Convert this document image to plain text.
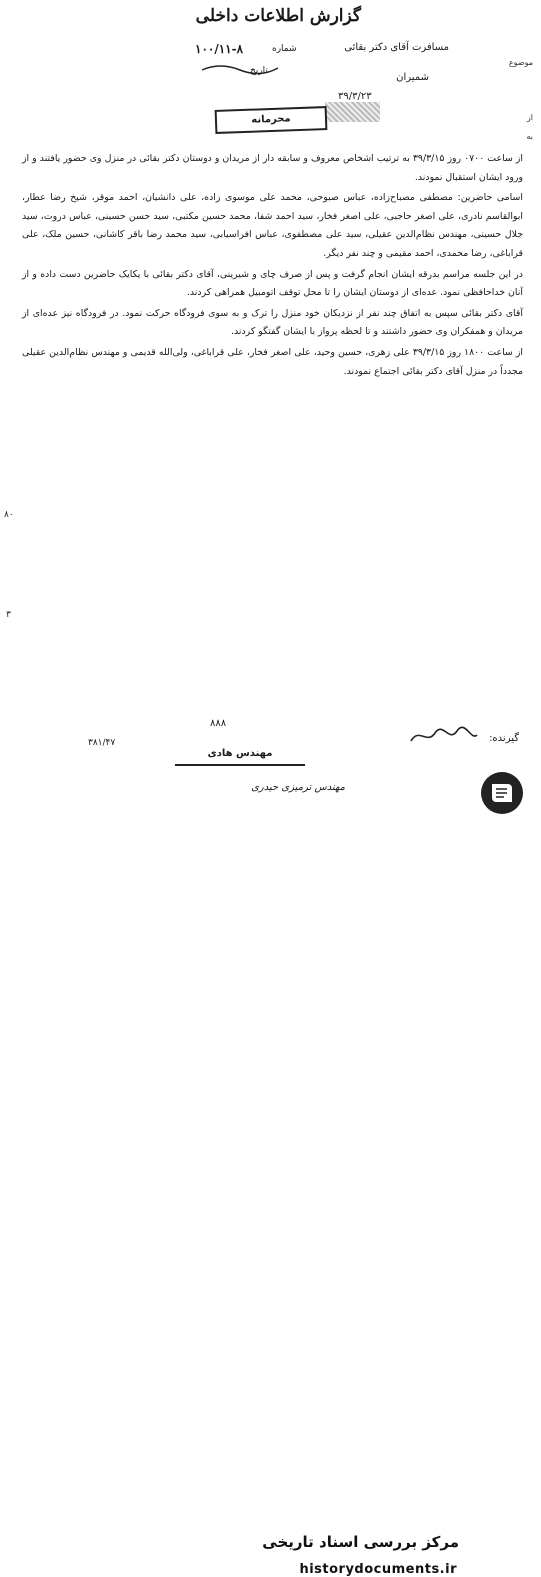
گزارش اطلاعات داخلی
شماره
۱۰۰/۱۱-۸
تاریخ
موضوع
از
به
مسافرت آقای دکتر بقائی
شمیران
۳۹/۳/۲۳
محرمانه

از ساعت ۰۷۰۰ روز ۳۹/۳/۱۵ به ترتیب اشخاص معروف و سابقه دار از مریدان و دوستان دکتر بقائی در منزل وی حضور یافتند و از ورود ایشان استقبال نمودند.

اسامی حاضرین: مصطفی مصباح‌زاده، عباس صبوحی، محمد علی موسوی زاده، علی دانشیان، احمد موقر، شیخ رضا عطار، ابوالقاسم نادری، علی اصغر حاجبی، علی اصغر فخار، سید احمد شفا، محمد حسین مکتبی، سید حسن حسینی، عباس دروت، سید جلال حسینی، مهندس نظام‌الدین عقیلی، سید علی مصطفوی، عباس افراسیابی، سید محمد رضا باقر کاشانی، حسین ملک، علی قراباغی، رضا محمدی، احمد مقیمی و چند نفر دیگر.

در این جلسه مراسم بدرقه ایشان انجام گرفت و پس از صرف چای و شیرینی، آقای دکتر بقائی با یکایک حاضرین دست داده و از آنان خداحافظی نمود. عده‌ای از دوستان ایشان را تا محل توقف اتومبیل همراهی کردند.

آقای دکتر بقائی سپس به اتفاق چند نفر از نزدیکان خود منزل را ترک و به سوی فرودگاه حرکت نمود. در فرودگاه نیز عده‌ای از مریدان و همفکران وی حضور داشتند و تا لحظه پرواز با ایشان گفتگو کردند.

از ساعت ۱۸۰۰ روز ۳۹/۳/۱۵ علی زهری، حسین وحید، علی اصغر فخار، علی قراباغی، ولی‌الله قدیمی و مهندس نظام‌الدین عقیلی مجدداً در منزل آقای دکتر بقائی اجتماع نمودند.

۸۰
۳
۸۸۸
۳۸۱/۴۷
مهندس هادی
مهندس ترمیزی حیدری
گیرنده:
مرکز بررسی اسناد تاریخی
historydocuments.ir
